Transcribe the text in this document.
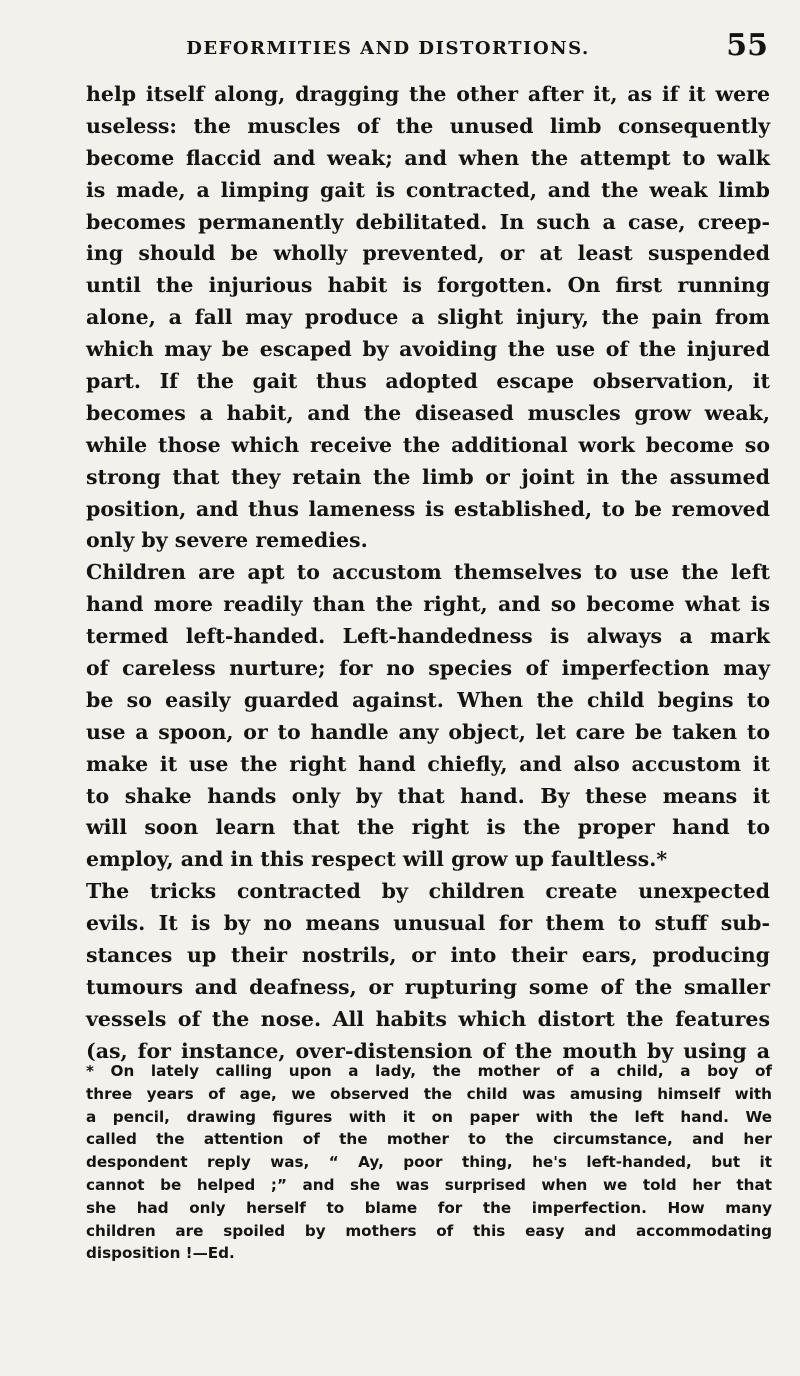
DEFORMITIES AND DISTORTIONS.	55
help itself along, dragging the other after it, as if it were
useless: the muscles of the unused limb consequently
become flaccid and weak; and when the attempt to walk
is made, a limping gait is contracted, and the weak limb
becomes permanently debilitated. In such a case, creep-
ing should be wholly prevented, or at least suspended
until the injurious habit is forgotten. On first running
alone, a fall may produce a slight injury, the pain from
which may be escaped by avoiding the use of the injured
part. If the gait thus adopted escape observation, it
becomes a habit, and the diseased muscles grow weak,
while those which receive the additional work become so
strong that they retain the limb or joint in the assumed
position, and thus lameness is established, to be removed
only by severe remedies.
Children are apt to accustom themselves to use the left
hand more readily than the right, and so become what is
termed left-handed. Left-handedness is always a mark
of careless nurture; for no species of imperfection may
be so easily guarded against. When the child begins to
use a spoon, or to handle any object, let care be taken to
make it use the right hand chiefly, and also accustom it
to shake hands only by that hand. By these means it
will soon learn that the right is the proper hand to
employ, and in this respect will grow up faultless.*
The tricks contracted by children create unexpected
evils. It is by no means unusual for them to stuff sub-
stances up their nostrils, or into their ears, producing
tumours and deafness, or rupturing some of the smaller
vessels of the nose. All habits which distort the features
(as, for instance, over-distension of the mouth by using a
* On lately calling upon a lady, the mother of a child, a boy of
three years of age, we observed the child was amusing himself with
a pencil, drawing figures with it on paper with the left hand. We
called the attention of the mother to the circumstance, and her
despondent reply was, “ Ay, poor thing, he's left-handed, but it
cannot be helped ;” and she was surprised when we told her that
she had only herself to blame for the imperfection. How many
children are spoiled by mothers of this easy and accommodating
disposition !—Ed.
